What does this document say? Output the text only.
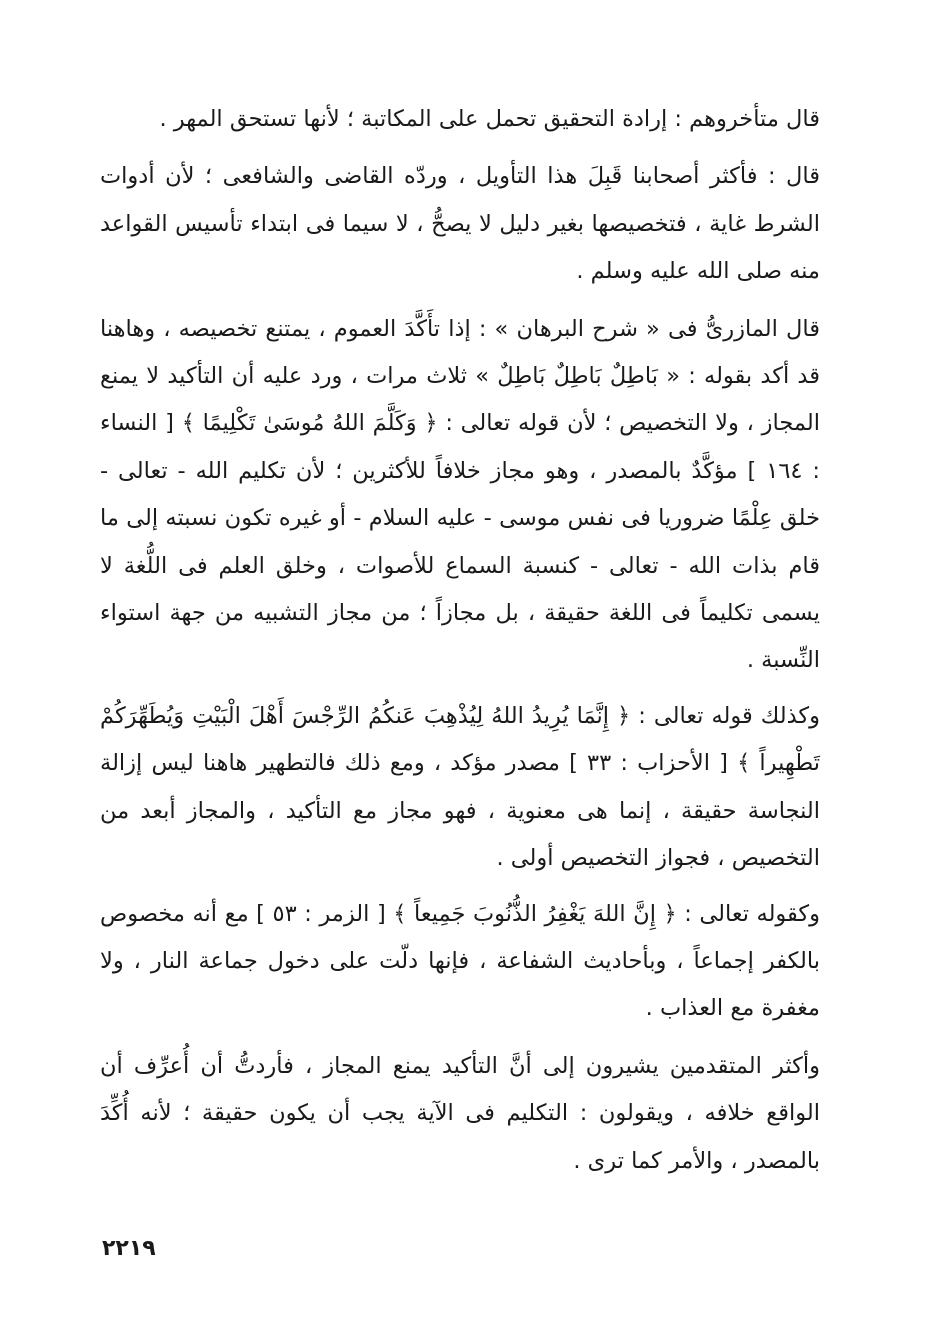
قال متأخروهم : إرادة التحقيق تحمل على المكاتبة ؛ لأنها تستحق المهر .

قال : فأكثر أصحابنا قَبِلَ هذا التأويل ، وردّه القاضى والشافعى ؛ لأن أدوات الشرط غاية ، فتخصيصها بغير دليل لا يصحُّ ، لا سيما فى ابتداء تأسيس القواعد منه صلى الله عليه وسلم .

قال المازرىُّ فى « شرح البرهان » : إذا تأَكَّدَ العموم ، يمتنع تخصيصه ، وهاهنا قد أكد بقوله : « بَاطِلٌ بَاطِلٌ بَاطِلٌ » ثلاث مرات ، ورد عليه أن التأكيد لا يمنع المجاز ، ولا التخصيص ؛ لأن قوله تعالى : ﴿ وَكَلَّمَ اللهُ مُوسَىٰ تَكْلِيمًا ﴾ [ النساء : ١٦٤ ] مؤكَّدٌ بالمصدر ، وهو مجاز خلافاً للأكثرين ؛ لأن تكليم الله - تعالى - خلق عِلْمًا ضروريا فى نفس موسى - عليه السلام - أو غيره تكون نسبته إلى ما قام بذات الله - تعالى - كنسبة السماع للأصوات ، وخلق العلم فى اللُّغة لا يسمى تكليماً فى اللغة حقيقة ، بل مجازاً ؛ من مجاز التشبيه من جهة استواء النِّسبة .

وكذلك قوله تعالى : ﴿ إِنَّمَا يُرِيدُ اللهُ لِيُذْهِبَ عَنكُمُ الرِّجْسَ أَهْلَ الْبَيْتِ وَيُطَهِّرَكُمْ تَطْهِيراً ﴾ [ الأحزاب : ٣٣ ] مصدر مؤكد ، ومع ذلك فالتطهير هاهنا ليس إزالة النجاسة حقيقة ، إنما هى معنوية ، فهو مجاز مع التأكيد ، والمجاز أبعد من التخصيص ، فجواز التخصيص أولى .

وكقوله تعالى : ﴿ إِنَّ اللهَ يَغْفِرُ الذُّنُوبَ جَمِيعاً ﴾ [ الزمر : ٥٣ ] مع أنه مخصوص بالكفر إجماعاً ، وبأحاديث الشفاعة ، فإنها دلّت على دخول جماعة النار ، ولا مغفرة مع العذاب .

وأكثر المتقدمين يشيرون إلى أنَّ التأكيد يمنع المجاز ، فأردتُّ أن أُعرِّف أن الواقع خلافه ، ويقولون : التكليم فى الآية يجب أن يكون حقيقة ؛ لأنه أُكِّدَ بالمصدر ، والأمر كما ترى .

٢٢١٩
